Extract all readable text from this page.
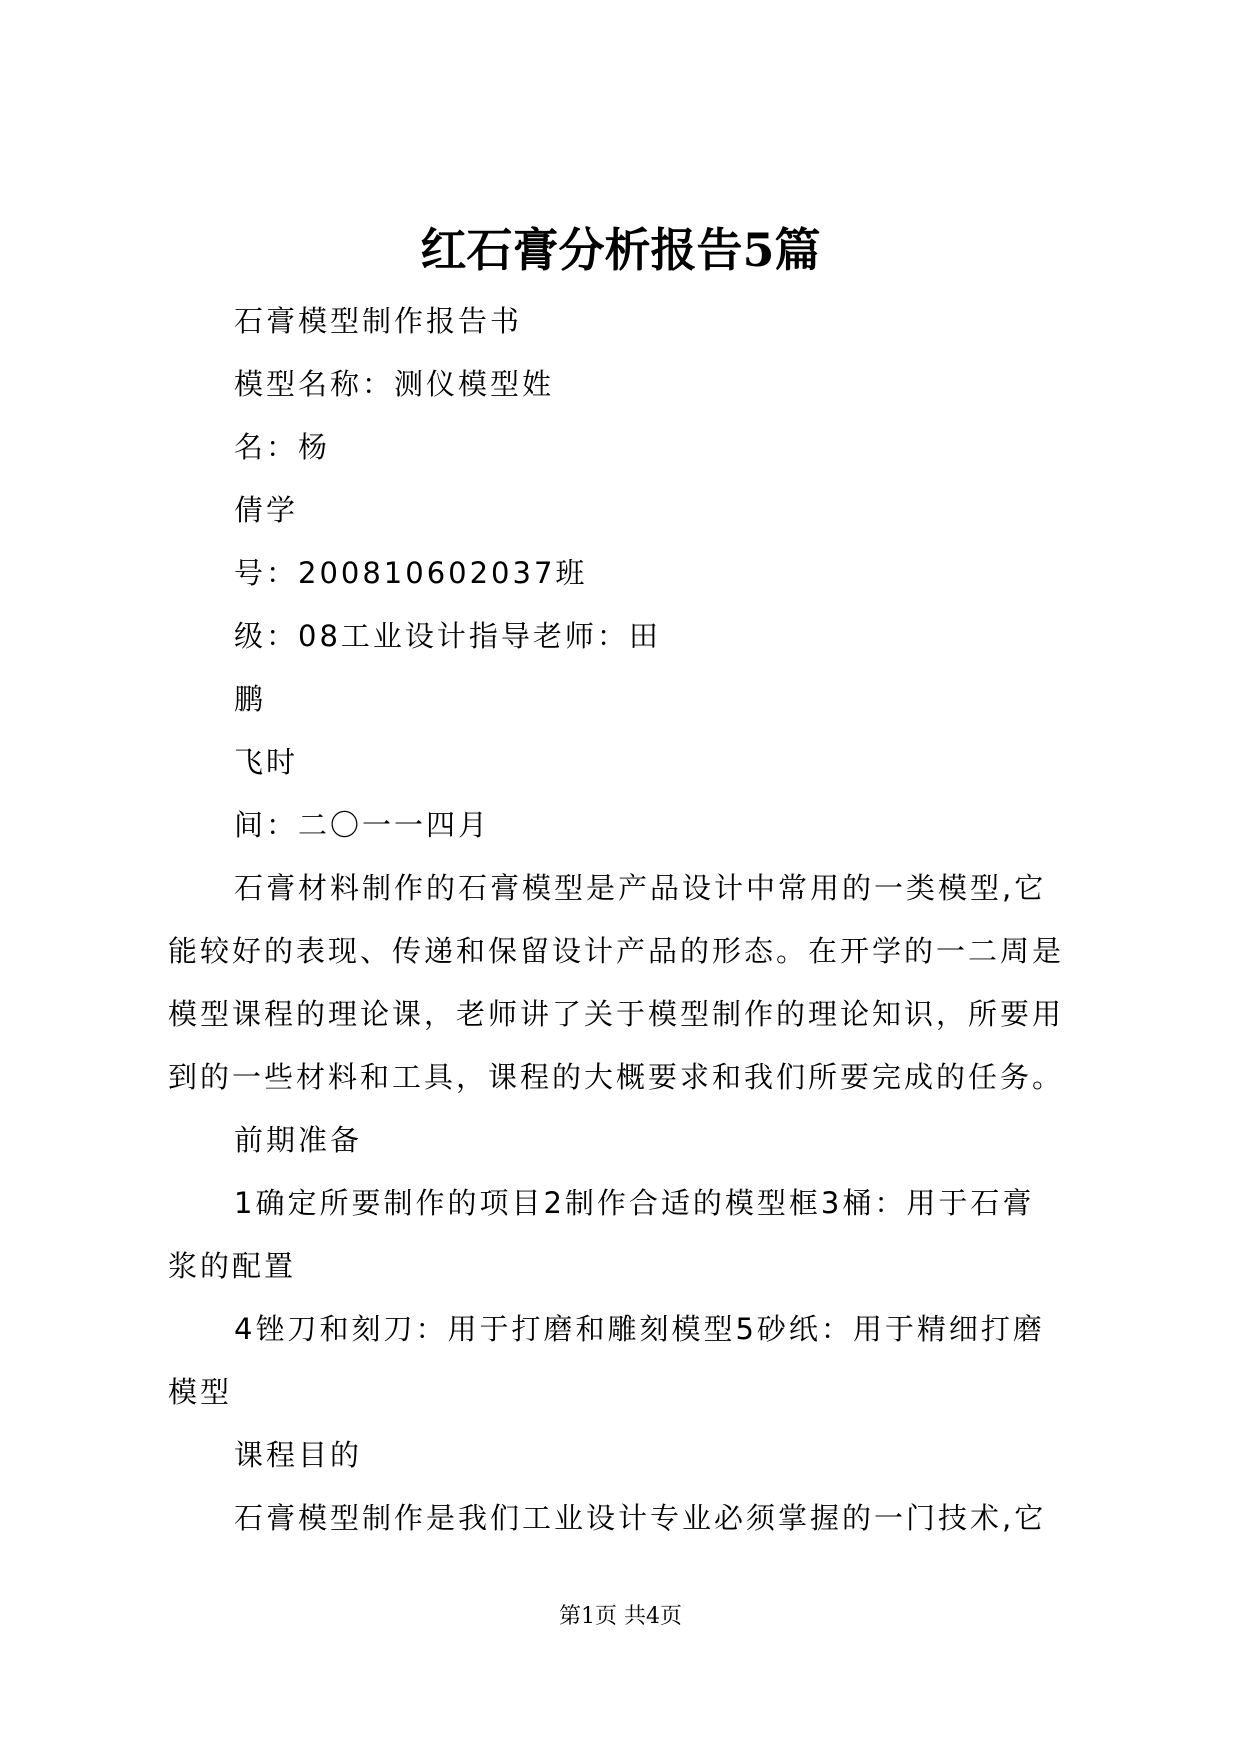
红石膏分析报告5篇
石膏模型制作报告书
模型名称：测仪模型姓
名：杨
倩学
号：200810602037班
级：08工业设计指导老师：田
鹏
飞时
间：二〇一一四月
石膏材料制作的石膏模型是产品设计中常用的一类模型,它
能较好的表现、传递和保留设计产品的形态。在开学的一二周是
模型课程的理论课，老师讲了关于模型制作的理论知识，所要用
到的一些材料和工具，课程的大概要求和我们所要完成的任务。
前期准备
1确定所要制作的项目2制作合适的模型框3桶：用于石膏
浆的配置
4锉刀和刻刀：用于打磨和雕刻模型5砂纸：用于精细打磨
模型
课程目的
石膏模型制作是我们工业设计专业必须掌握的一门技术,它
第1页 共4页
